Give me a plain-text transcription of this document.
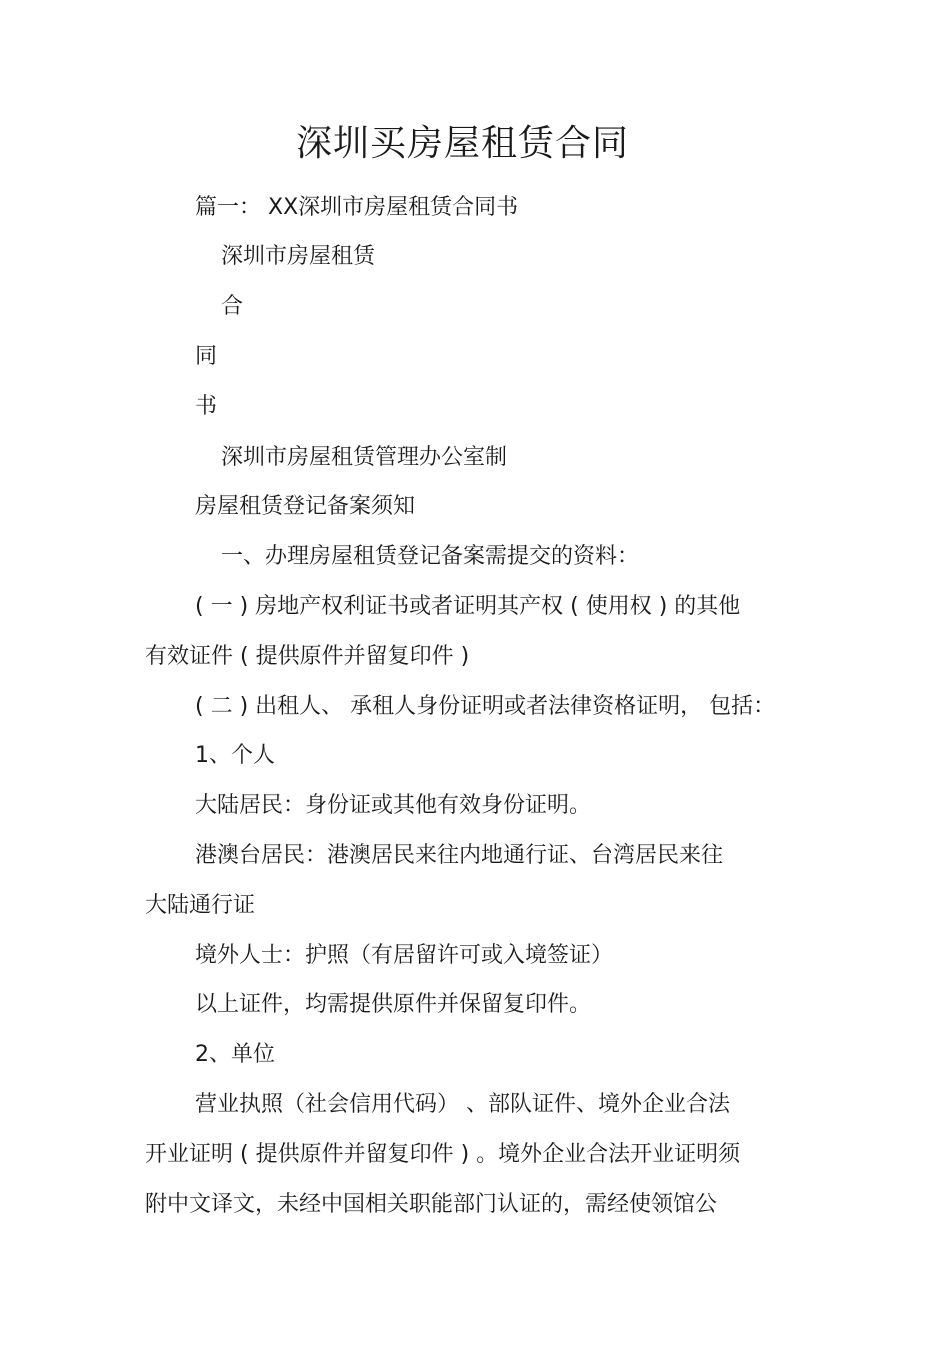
深圳买房屋租赁合同
篇一： XX深圳市房屋租赁合同书
深圳市房屋租赁
合
同
书
深圳市房屋租赁管理办公室制
房屋租赁登记备案须知
一、办理房屋租赁登记备案需提交的资料：
( 一 ) 房地产权利证书或者证明其产权 ( 使用权 ) 的其他
有效证件 ( 提供原件并留复印件 )
( 二 ) 出租人、 承租人身份证明或者法律资格证明， 包括：
1、个人
大陆居民：身份证或其他有效身份证明。
港澳台居民：港澳居民来往内地通行证、台湾居民来往
大陆通行证
境外人士：护照（有居留许可或入境签证）
以上证件，均需提供原件并保留复印件。
2、单位
营业执照（社会信用代码） 、部队证件、境外企业合法
开业证明 ( 提供原件并留复印件 ) 。境外企业合法开业证明须
附中文译文，未经中国相关职能部门认证的，需经使领馆公
